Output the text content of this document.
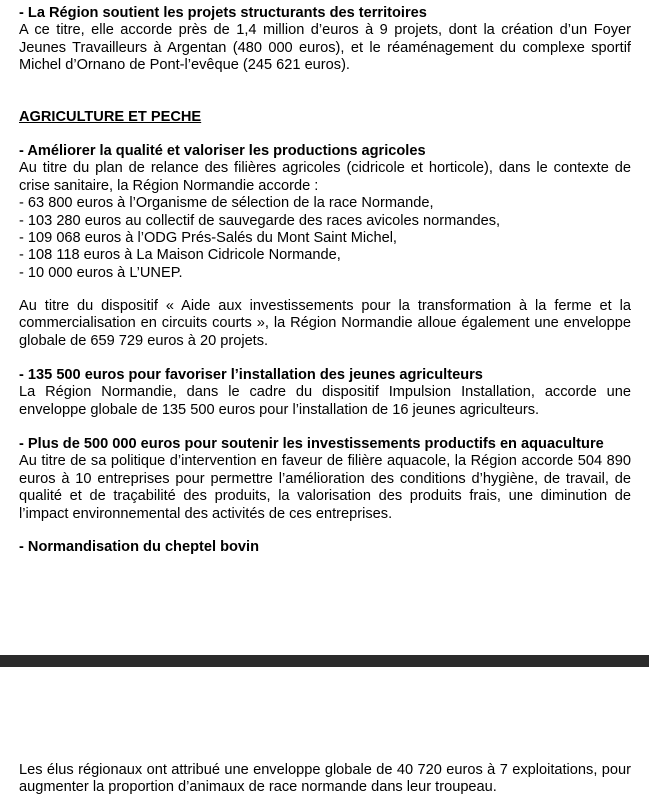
- La Région soutient les projets structurants des territoires

A ce titre, elle accorde près de 1,4 million d’euros à 9 projets, dont la création d’un Foyer Jeunes Travailleurs à Argentan (480 000 euros), et le réaménagement du complexe sportif Michel d’Ornano de Pont-l’evêque (245 621 euros).

AGRICULTURE ET PECHE

- Améliorer la qualité et valoriser les productions agricoles

Au titre du plan de relance des filières agricoles (cidricole et horticole), dans le contexte de crise sanitaire, la Région Normandie accorde :

- 63 800 euros à l’Organisme de sélection de la race Normande,
- 103 280 euros au collectif de sauvegarde des races avicoles normandes,
- 109 068 euros à l’ODG Prés-Salés du Mont Saint Michel,
- 108 118 euros à La Maison Cidricole Normande,
- 10 000 euros à L’UNEP.

Au titre du dispositif « Aide aux investissements pour la transformation à la ferme et la commercialisation en circuits courts », la Région Normandie alloue également une enveloppe globale de 659 729 euros à 20 projets.

- 135 500 euros pour favoriser l’installation des jeunes agriculteurs

La Région Normandie, dans le cadre du dispositif Impulsion Installation, accorde une enveloppe globale de 135 500 euros pour l’installation de 16 jeunes agriculteurs.

- Plus de 500 000 euros pour soutenir les investissements productifs en aquaculture

Au titre de sa politique d’intervention en faveur de filière aquacole, la Région accorde 504 890 euros à 10 entreprises pour permettre l’amélioration des conditions d’hygiène, de travail, de qualité et de traçabilité des produits, la valorisation des produits frais, une diminution de l’impact environnemental des activités de ces entreprises.

- Normandisation du cheptel bovin

Les élus régionaux ont attribué une enveloppe globale de 40 720 euros à 7 exploitations, pour augmenter la proportion d’animaux de race normande dans leur troupeau.
